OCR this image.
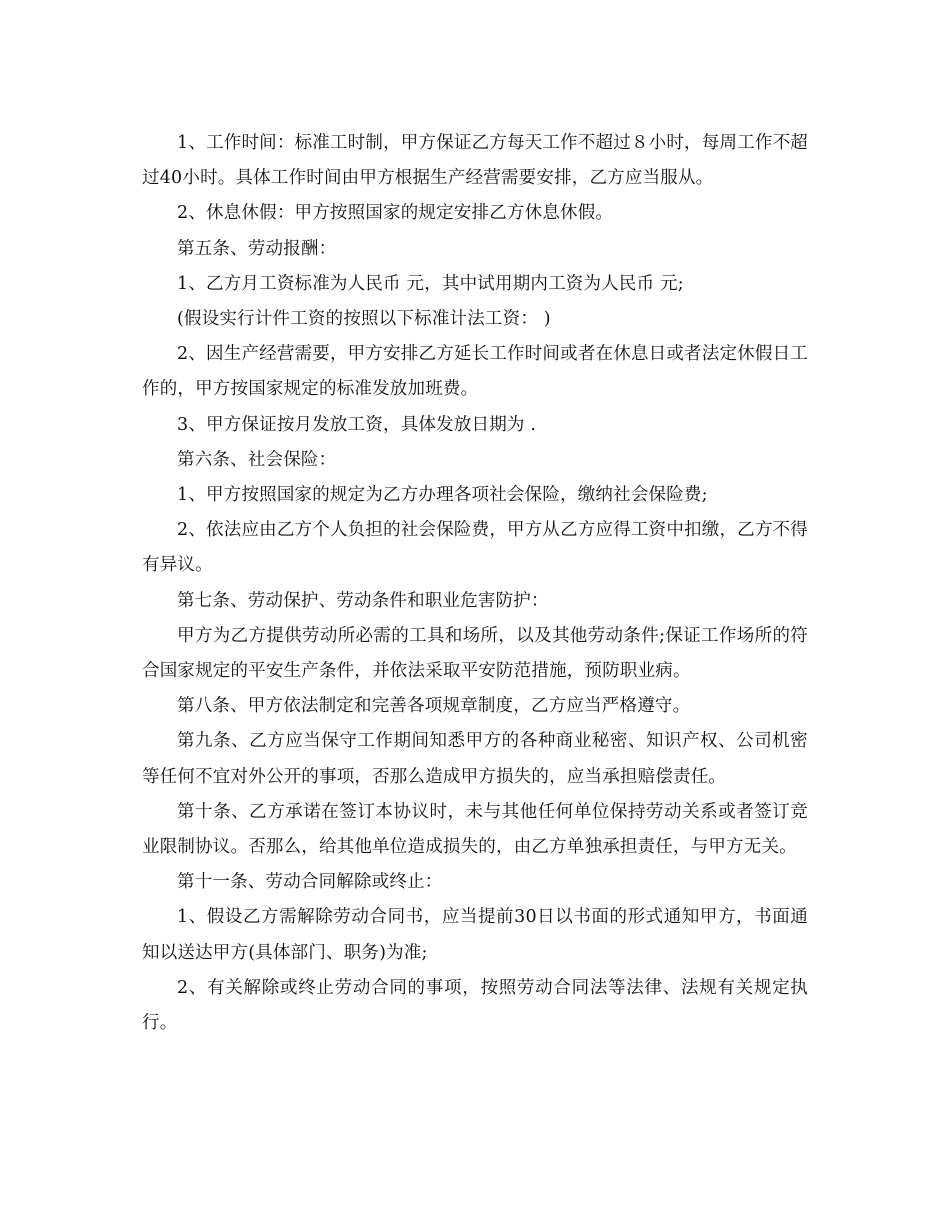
1、工作时间：标准工时制，甲方保证乙方每天工作不超过８小时，每周工作不超过40小时。具体工作时间由甲方根据生产经营需要安排，乙方应当服从。

2、休息休假：甲方按照国家的规定安排乙方休息休假。

第五条、劳动报酬：

1、乙方月工资标准为人民币 元，其中试用期内工资为人民币 元;

(假设实行计件工资的按照以下标准计法工资： )

2、因生产经营需要，甲方安排乙方延长工作时间或者在休息日或者法定休假日工作的，甲方按国家规定的标准发放加班费。

3、甲方保证按月发放工资，具体发放日期为 .

第六条、社会保险：

1、甲方按照国家的规定为乙方办理各项社会保险，缴纳社会保险费;

2、依法应由乙方个人负担的社会保险费，甲方从乙方应得工资中扣缴，乙方不得有异议。

第七条、劳动保护、劳动条件和职业危害防护：

甲方为乙方提供劳动所必需的工具和场所，以及其他劳动条件;保证工作场所的符合国家规定的平安生产条件，并依法采取平安防范措施，预防职业病。

第八条、甲方依法制定和完善各项规章制度，乙方应当严格遵守。

第九条、乙方应当保守工作期间知悉甲方的各种商业秘密、知识产权、公司机密等任何不宜对外公开的事项，否那么造成甲方损失的，应当承担赔偿责任。

第十条、乙方承诺在签订本协议时，未与其他任何单位保持劳动关系或者签订竞业限制协议。否那么，给其他单位造成损失的，由乙方单独承担责任，与甲方无关。

第十一条、劳动合同解除或终止：

1、假设乙方需解除劳动合同书，应当提前30日以书面的形式通知甲方，书面通知以送达甲方(具体部门、职务)为准;

2、有关解除或终止劳动合同的事项，按照劳动合同法等法律、法规有关规定执行。
